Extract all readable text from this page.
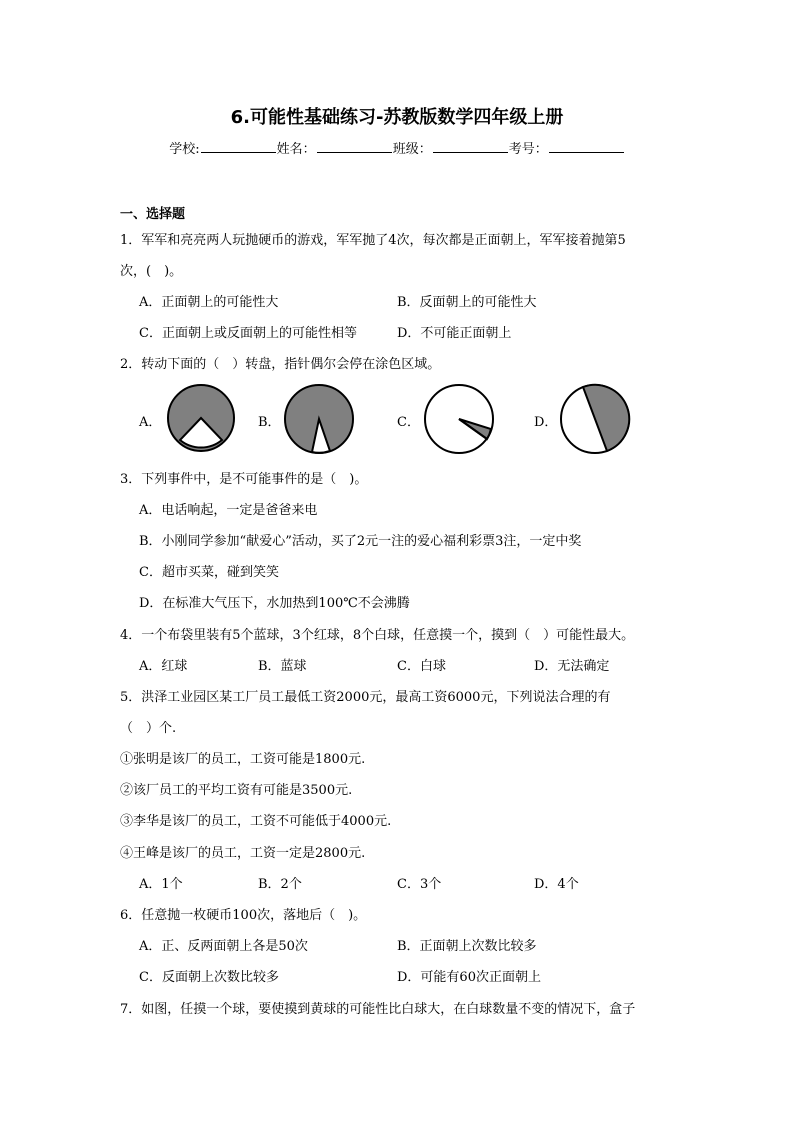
6.可能性基础练习-苏教版数学四年级上册
学校:	姓名：	班级：	考号：
一、选择题
1．军军和亮亮两人玩抛硬币的游戏，军军抛了4次，每次都是正面朝上，军军接着抛第5
次，(　)。
A．正面朝上的可能性大	B．反面朝上的可能性大
C．正面朝上或反面朝上的可能性相等	D．不可能正面朝上
2．转动下面的（　）转盘，指针偶尔会停在涂色区域。
A．	B．	C．	D．
3．下列事件中，是不可能事件的是（　)。
A．电话响起，一定是爸爸来电
B．小刚同学参加“献爱心”活动，买了2元一注的爱心福利彩票3注，一定中奖
C．超市买菜，碰到笑笑
D．在标准大气压下，水加热到100℃不会沸腾
4．一个布袋里装有5个蓝球，3个红球，8个白球，任意摸一个，摸到（　）可能性最大。
A．红球	B．蓝球	C．白球	D．无法确定
5．洪泽工业园区某工厂员工最低工资2000元，最高工资6000元，下列说法合理的有
（　）个.
①张明是该厂的员工，工资可能是1800元.
②该厂员工的平均工资有可能是3500元.
③李华是该厂的员工，工资不可能低于4000元.
④王峰是该厂的员工，工资一定是2800元.
A．1个	B．2个	C．3个	D．4个
6．任意抛一枚硬币100次，落地后（　)。
A．正、反两面朝上各是50次	B．正面朝上次数比较多
C．反面朝上次数比较多	D．可能有60次正面朝上
7．如图，任摸一个球，要使摸到黄球的可能性比白球大，在白球数量不变的情况下，盒子
